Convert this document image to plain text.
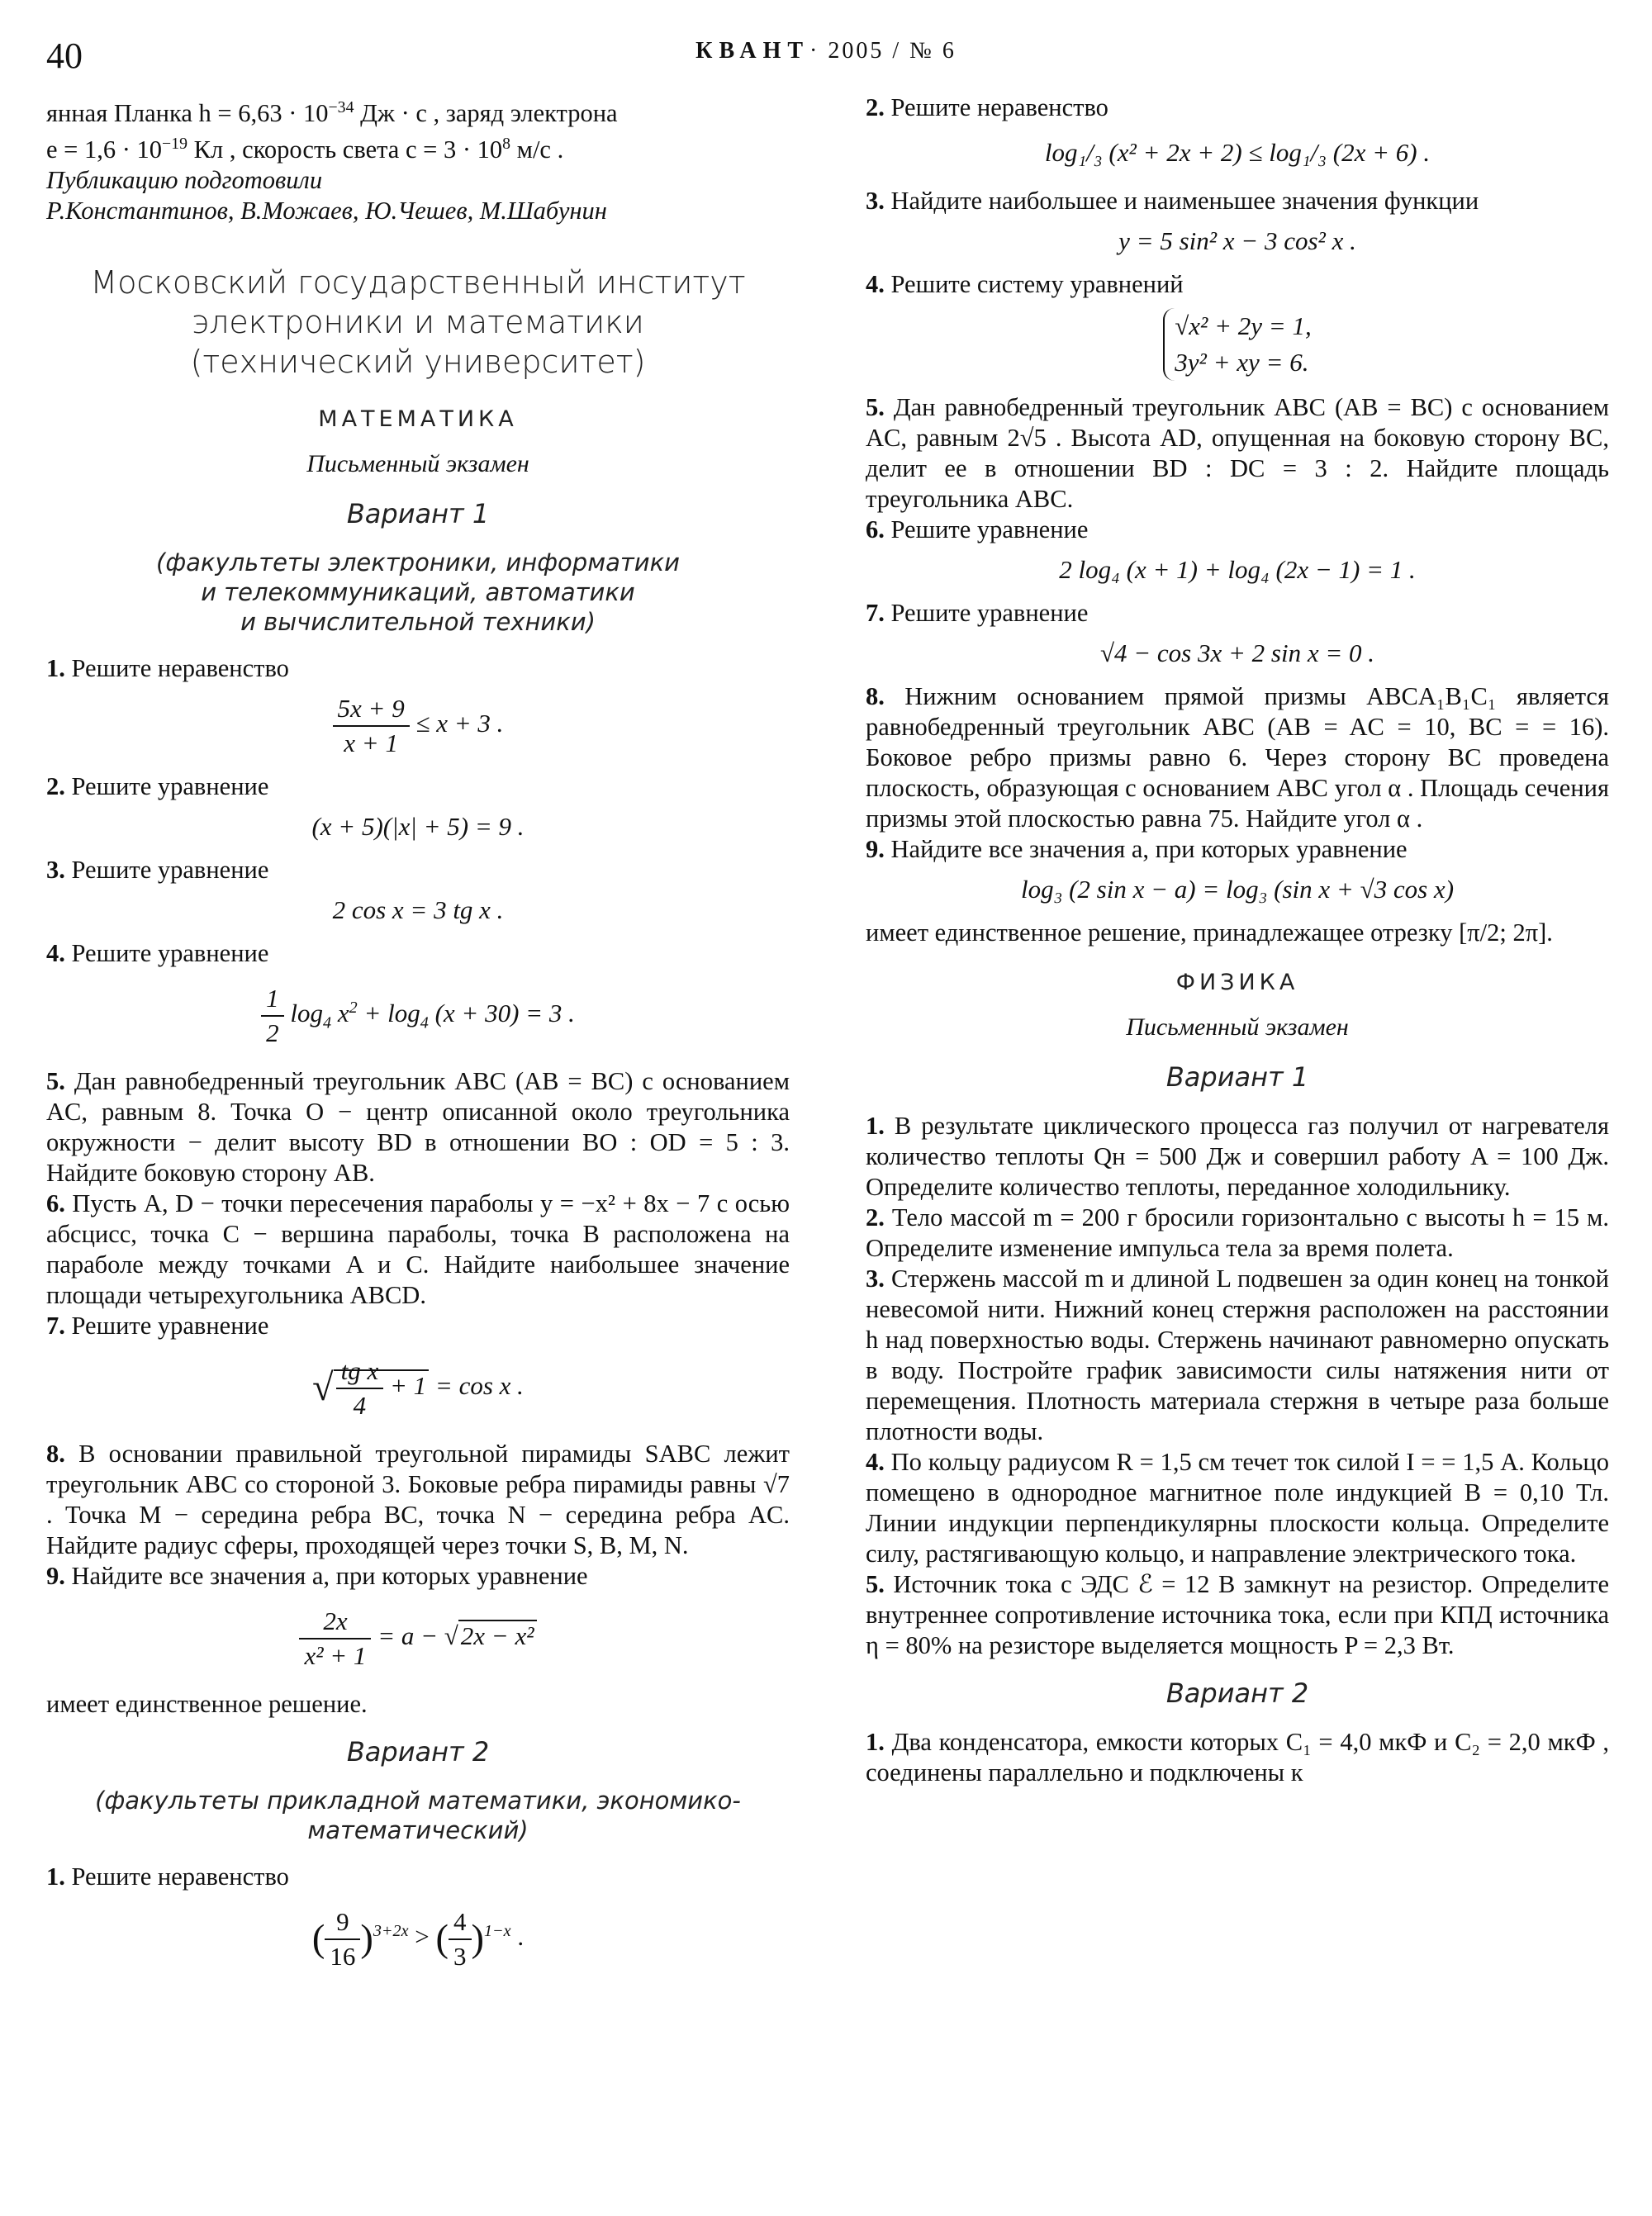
40	КВАНТ· 2005 / № 6

янная Планка $h = 6,63 \cdot 10^{-34}$ Дж · с , заряд электрона
$e = 1,6 \cdot 10^{-19}$ Кл , скорость света $c = 3 \cdot 10^8$ м/с .

Публикацию подготовили

Р.Константинов, В.Можаев, Ю.Чешев, М.Шабунин

Московский государственный институт
электроники и математики
(технический университет)
МАТЕМАТИКА
Письменный экзамен
Вариант 1
(факультеты электроники, информатики
и телекоммуникаций, автоматики
и вычислительной техники)

1. Решите неравенство

$\frac{5x + 9}{x + 1} \le x + 3$ .

2. Решите уравнение

(x + 5)(|x| + 5) = 9 .

3. Решите уравнение

2 cos x = 3 tg x .

4. Решите уравнение

$\frac{1}{2} \log_4 x^2 + \log_4 (x + 30) = 3$ .

5. Дан равнобедренный треугольник ABC (AB = BC) с основанием AC, равным 8. Точка O − центр описанной около треугольника окружности − делит высоту BD в отношении BO : OD = 5 : 3. Найдите боковую сторону AB.

6. Пусть A, D − точки пересечения параболы y = −x² + 8x − 7 с осью абсцисс, точка C − вершина параболы, точка B расположена на параболе между точками A и C. Найдите наибольшее значение площади четырехугольника ABCD.

7. Решите уравнение

√ $\frac{\text{tg x}}{4} + 1 = \cos x$ .

8. В основании правильной треугольной пирамиды SABC лежит треугольник ABC со стороной 3. Боковые ребра пирамиды равны √7 . Точка M − середина ребра BC, точка N − середина ребра AC. Найдите радиус сферы, проходящей через точки S, B, M, N.

9. Найдите все значения a, при которых уравнение

$\frac{2x}{\text{x² + 1}} = a - √2x - x^2$

имеет единственное решение.

Вариант 2
(факультеты прикладной математики, экономико-
математический)

1. Решите неравенство

( $\frac{9}{16} )^{3+2x}$ > ( $\frac{4}{3} )^{1-x}$ .

2. Решите неравенство

log₁/₃ (x² + 2x + 2) ≤ log₁/₃ (2x + 6) .

3. Найдите наибольшее и наименьшее значения функции

y = 5 sin² x − 3 cos² x .

4. Решите систему уравнений

√x² + 2y = 1,
3y² + xy = 6.

5. Дан равнобедренный треугольник ABC (AB = BC) с основанием AC, равным 2√5 . Высота AD, опущенная на боковую сторону BC, делит ее в отношении BD : DC = 3 : 2. Найдите площадь треугольника ABC.

6. Решите уравнение

2 log₄ (x + 1) + log₄ (2x − 1) = 1 .

7. Решите уравнение

√4 − cos 3x + 2 sin x = 0 .

8. Нижним основанием прямой призмы ABCA₁B₁C₁ является равнобедренный треугольник ABC (AB = AC = 10, BC = = 16). Боковое ребро призмы равно 6. Через сторону BC проведена плоскость, образующая с основанием ABC угол α . Площадь сечения призмы этой плоскостью равна 75. Найдите угол α .

9. Найдите все значения a, при которых уравнение

log₃ (2 sin x − a) = log₃ (sin x + √3 cos x)

имеет единственное решение, принадлежащее отрезку [π/2; 2π].

ФИЗИКА
Письменный экзамен
Вариант 1

1. В результате циклического процесса газ получил от нагревателя количество теплоты Qн = 500 Дж и совершил работу A = 100 Дж. Определите количество теплоты, переданное холодильнику.

2. Тело массой m = 200 г бросили горизонтально с высоты h = 15 м. Определите изменение импульса тела за время полета.

3. Стержень массой m и длиной L подвешен за один конец на тонкой невесомой нити. Нижний конец стержня расположен на расстоянии h над поверхностью воды. Стержень начинают равномерно опускать в воду. Постройте график зависимости силы натяжения нити от перемещения. Плотность материала стержня в четыре раза больше плотности воды.

4. По кольцу радиусом R = 1,5 см течет ток силой I = = 1,5 А. Кольцо помещено в однородное магнитное поле индукцией B = 0,10 Тл. Линии индукции перпендикулярны плоскости кольца. Определите силу, растягивающую кольцо, и направление электрического тока.

5. Источник тока с ЭДС ℰ = 12 В замкнут на резистор. Определите внутреннее сопротивление источника тока, если при КПД источника η = 80% на резисторе выделяется мощность P = 2,3 Вт.

Вариант 2

1. Два конденсатора, емкости которых C₁ = 4,0 мкФ и C₂ = 2,0 мкФ , соединены параллельно и подключены к
